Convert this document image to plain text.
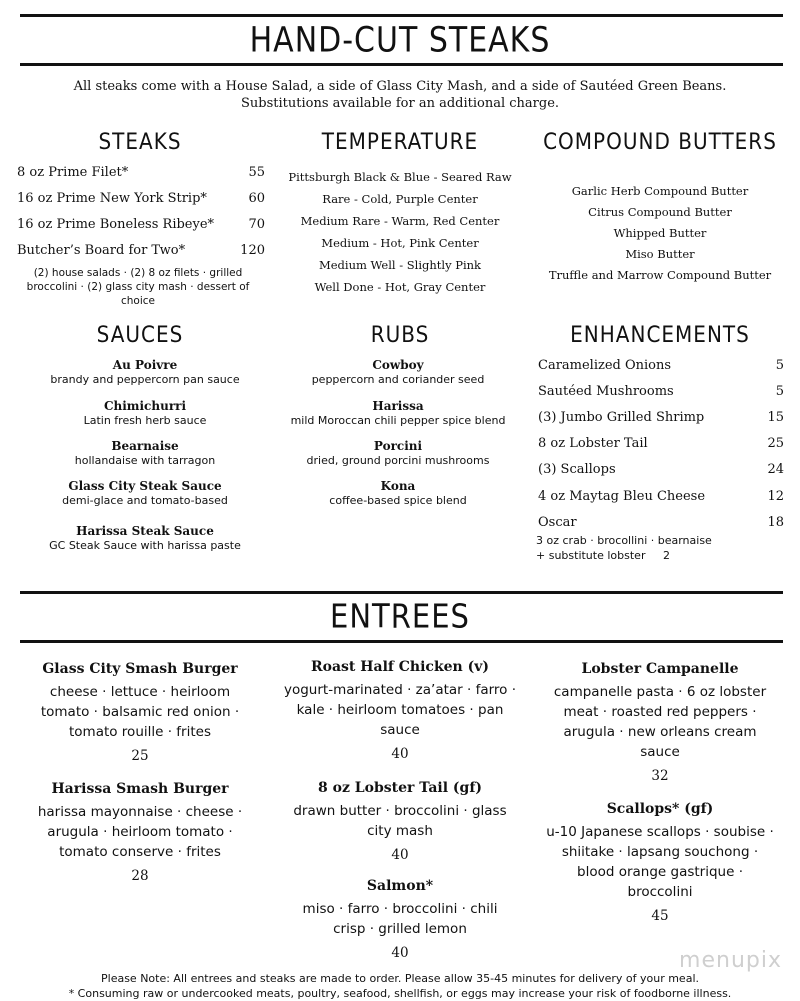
HAND-CUT STEAKS
All steaks come with a House Salad, a side of Glass City Mash, and a side of Sautéed Green Beans.
Substitutions available for an additional charge.
STEAKS
8 oz Prime Filet*	55
16 oz Prime New York Strip*	60
16 oz Prime Boneless Ribeye*	70
Butcher’s Board for Two*	120
(2) house salads · (2) 8 oz filets · grilled
broccolini · (2) glass city mash · dessert of
choice
TEMPERATURE
Pittsburgh Black & Blue - Seared Raw
Rare - Cold, Purple Center
Medium Rare - Warm, Red Center
Medium - Hot, Pink Center
Medium Well - Slightly Pink
Well Done - Hot, Gray Center
COMPOUND BUTTERS
Garlic Herb Compound Butter
Citrus Compound Butter
Whipped Butter
Miso Butter
Truffle and Marrow Compound Butter
SAUCES
Au Poivre
brandy and peppercorn pan sauce
Chimichurri
Latin fresh herb sauce
Bearnaise
hollandaise with tarragon
Glass City Steak Sauce
demi-glace and tomato-based
Harissa Steak Sauce
GC Steak Sauce with harissa paste
RUBS
Cowboy
peppercorn and coriander seed
Harissa
mild Moroccan chili pepper spice blend
Porcini
dried, ground porcini mushrooms
Kona
coffee-based spice blend
ENHANCEMENTS
Caramelized Onions	5
Sautéed Mushrooms	5
(3) Jumbo Grilled Shrimp	15
8 oz Lobster Tail	25
(3) Scallops	24
4 oz Maytag Bleu Cheese	12
Oscar	18
3 oz crab · brocollini · bearnaise
+ substitute lobster 2
ENTREES
Glass City Smash Burger
cheese · lettuce · heirloom
tomato · balsamic red onion ·
tomato rouille · frites
25
Harissa Smash Burger
harissa mayonnaise · cheese ·
arugula · heirloom tomato ·
tomato conserve · frites
28
Roast Half Chicken (v)
yogurt-marinated · za’atar · farro ·
kale · heirloom tomatoes · pan
sauce
40
8 oz Lobster Tail (gf)
drawn butter · broccolini · glass
city mash
40
Salmon*
miso · farro · broccolini · chili
crisp · grilled lemon
40
Lobster Campanelle
campanelle pasta · 6 oz lobster
meat · roasted red peppers ·
arugula · new orleans cream
sauce
32
Scallops* (gf)
u-10 Japanese scallops · soubise ·
shiitake · lapsang souchong ·
blood orange gastrique ·
broccolini
45
menupix
Please Note: All entrees and steaks are made to order. Please allow 35-45 minutes for delivery of your meal.
* Consuming raw or undercooked meats, poultry, seafood, shellfish, or eggs may increase your risk of foodborne illness.
